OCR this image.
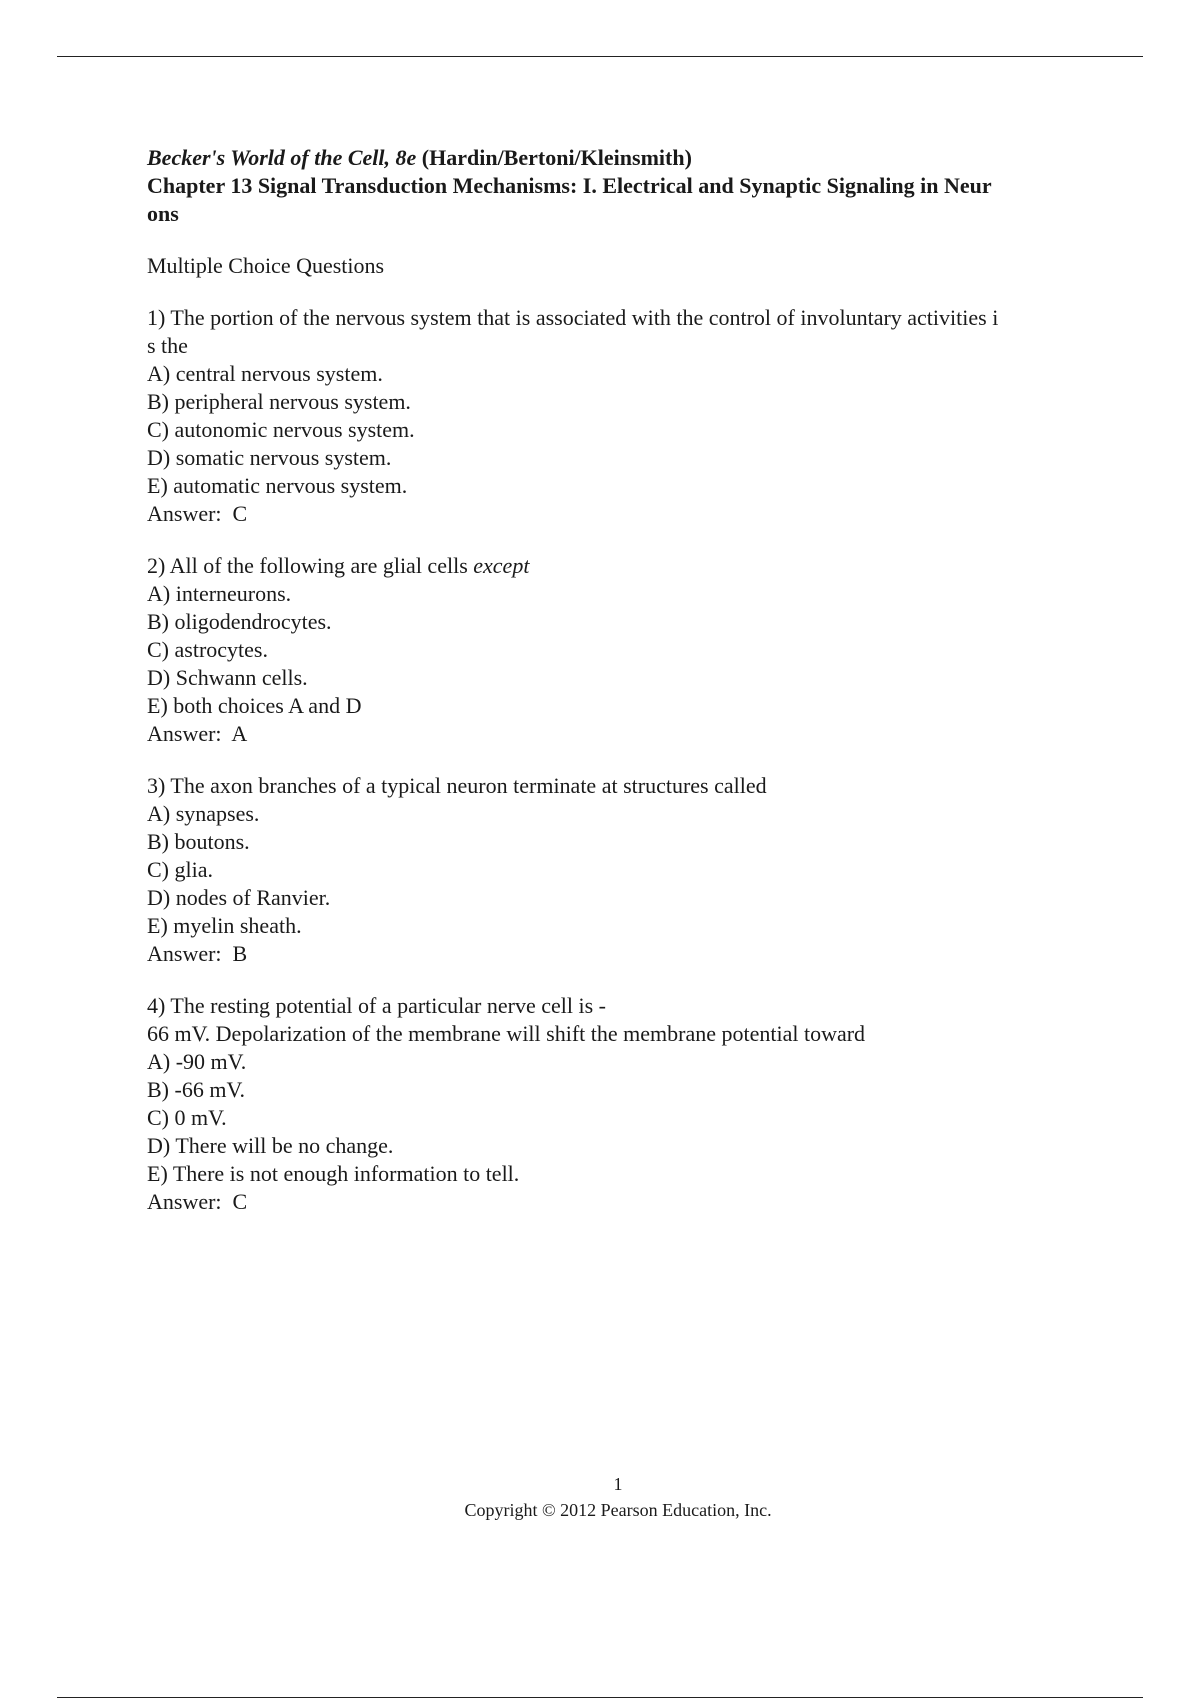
Becker's World of the Cell, 8e (Hardin/Bertoni/Kleinsmith)
Chapter 13 Signal Transduction Mechanisms: I. Electrical and Synaptic Signaling in Neur
ons
Multiple Choice Questions
1) The portion of the nervous system that is associated with the control of involuntary activities i
s the
A) central nervous system.
B) peripheral nervous system.
C) autonomic nervous system.
D) somatic nervous system.
E) automatic nervous system.
Answer:  C
2) All of the following are glial cells except
A) interneurons.
B) oligodendrocytes.
C) astrocytes.
D) Schwann cells.
E) both choices A and D
Answer:  A
3) The axon branches of a typical neuron terminate at structures called
A) synapses.
B) boutons.
C) glia.
D) nodes of Ranvier.
E) myelin sheath.
Answer:  B
4) The resting potential of a particular nerve cell is -
66 mV. Depolarization of the membrane will shift the membrane potential toward
A) -90 mV.
B) -66 mV.
C) 0 mV.
D) There will be no change.
E) There is not enough information to tell.
Answer:  C
1
Copyright © 2012 Pearson Education, Inc.
